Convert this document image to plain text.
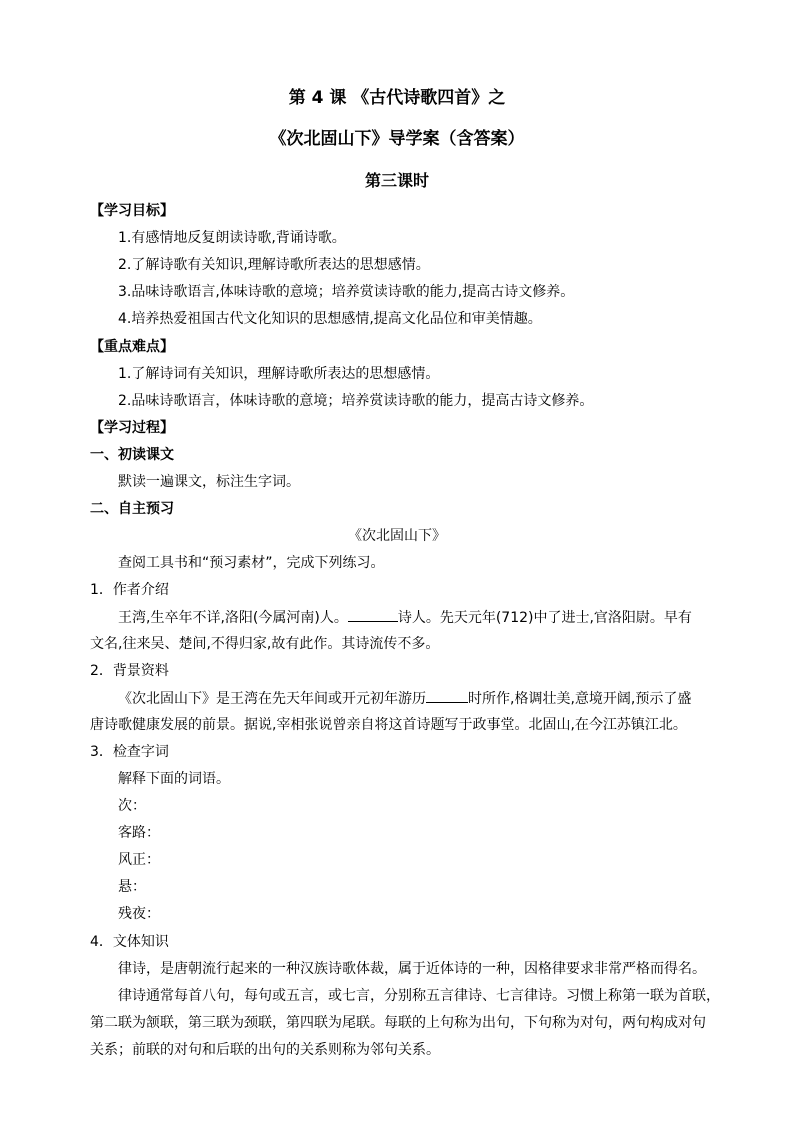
第 4 课 《古代诗歌四首》之
《次北固山下》导学案（含答案）
第三课时
【学习目标】
1.有感情地反复朗读诗歌,背诵诗歌。
2.了解诗歌有关知识,理解诗歌所表达的思想感情。
3.品味诗歌语言,体味诗歌的意境；培养赏读诗歌的能力,提高古诗文修养。
4.培养热爱祖国古代文化知识的思想感情,提高文化品位和审美情趣。
【重点难点】
1.了解诗词有关知识，理解诗歌所表达的思想感情。
2.品味诗歌语言，体味诗歌的意境；培养赏读诗歌的能力，提高古诗文修养。
【学习过程】
一、初读课文
默读一遍课文，标注生字词。
二、自主预习
《次北固山下》
查阅工具书和“预习素材”，完成下列练习。
1．作者介绍
王湾,生卒年不详,洛阳(今属河南)人。	诗人。先天元年(712)中了进士,官洛阳尉。早有
文名,往来吴、楚间,不得归家,故有此作。其诗流传不多。
2．背景资料
《次北固山下》是王湾在先天年间或开元初年游历	时所作,格调壮美,意境开阔,预示了盛
唐诗歌健康发展的前景。据说,宰相张说曾亲自将这首诗题写于政事堂。北固山,在今江苏镇江北。
3．检查字词
解释下面的词语。
次：
客路：
风正：
悬：
残夜：
4．文体知识
律诗，是唐朝流行起来的一种汉族诗歌体裁，属于近体诗的一种，因格律要求非常严格而得名。
律诗通常每首八句，每句或五言，或七言，分别称五言律诗、七言律诗。习惯上称第一联为首联，
第二联为颔联，第三联为颈联，第四联为尾联。每联的上句称为出句，下句称为对句，两句构成对句
关系；前联的对句和后联的出句的关系则称为邻句关系。
